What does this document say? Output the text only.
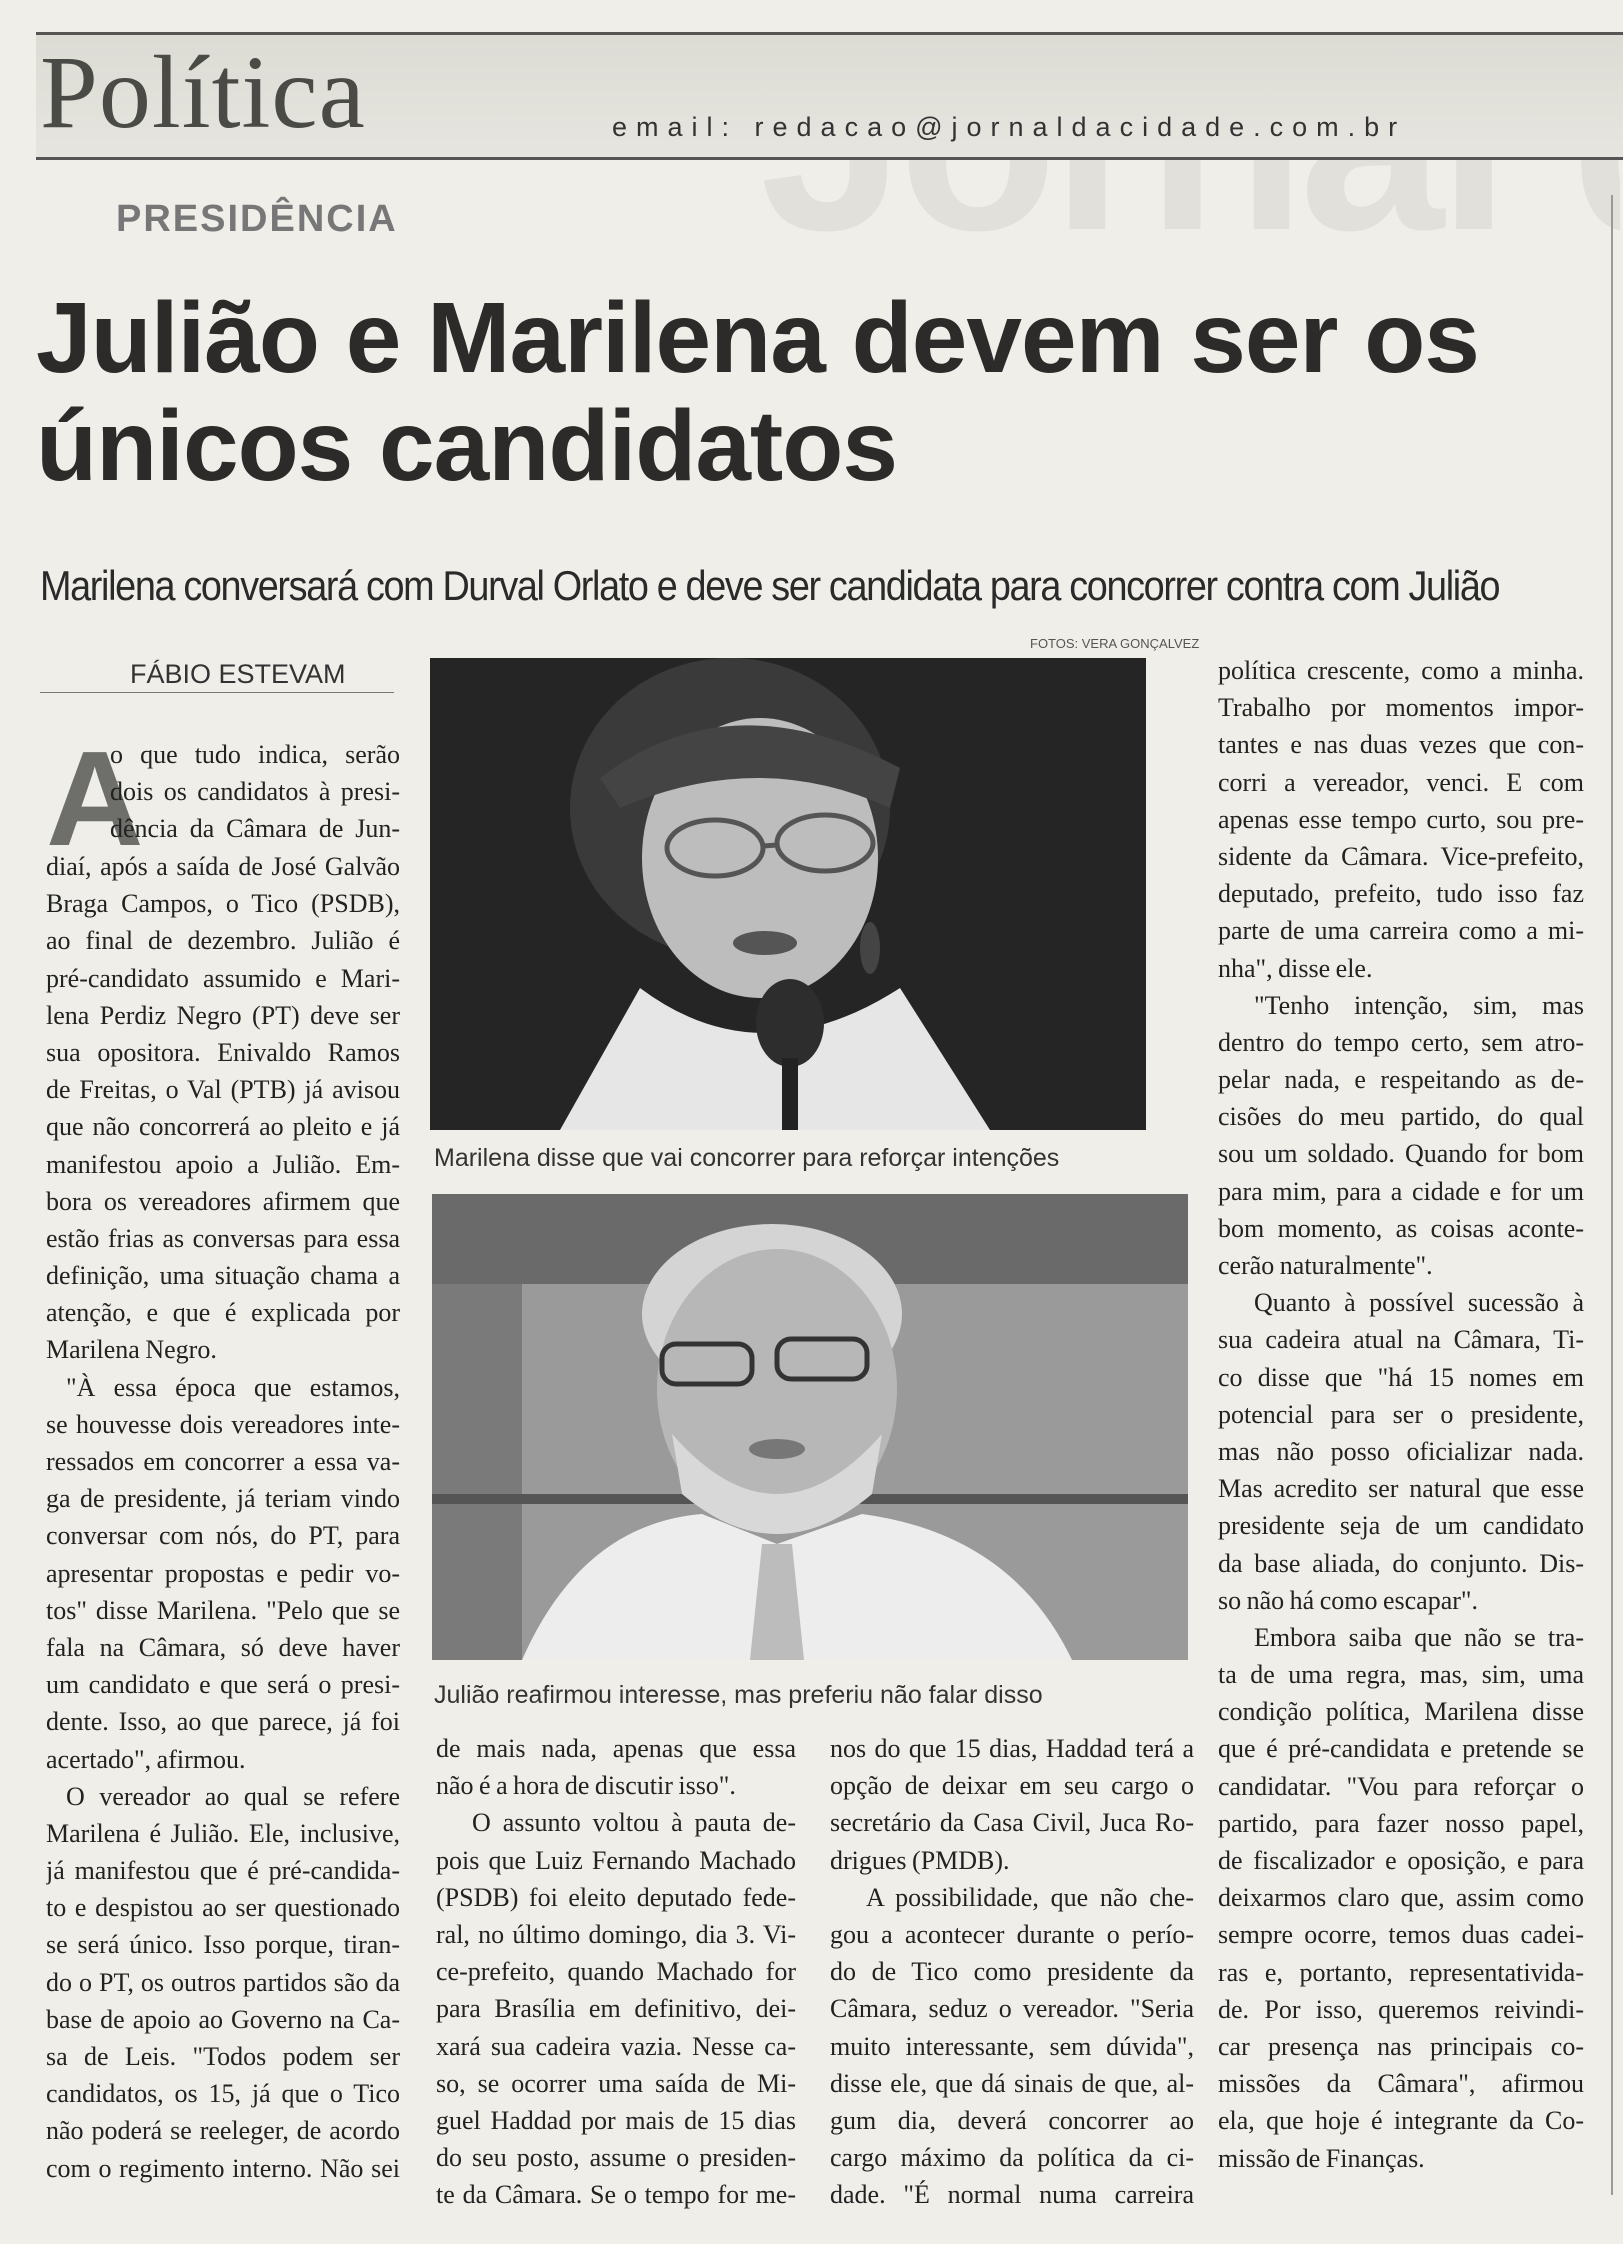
Política	email: redacao@jornaldacidade.com.br
PRESIDÊNCIA
Julião e Marilena devem ser os únicos candidatos

Marilena conversará com Durval Orlato e deve ser candidata para concorrer contra com Julião

FÁBIO ESTEVAM
FOTOS: VERA GONÇALVEZ
Marilena disse que vai concorrer para reforçar intenções
Julião reafirmou interesse, mas preferiu não falar disso
A
o que tudo indica, serão
dois os candidatos à presi-
dência da Câmara de Jun-
diaí, após a saída de José Galvão
Braga Campos, o Tico (PSDB),
ao final de dezembro. Julião é
pré-candidato assumido e Mari-
lena Perdiz Negro (PT) deve ser
sua opositora. Enivaldo Ramos
de Freitas, o Val (PTB) já avisou
que não concorrerá ao pleito e já
manifestou apoio a Julião. Em-
bora os vereadores afirmem que
estão frias as conversas para essa
definição, uma situação chama a
atenção, e que é explicada por
Marilena Negro.
"À essa época que estamos,
se houvesse dois vereadores inte-
ressados em concorrer a essa va-
ga de presidente, já teriam vindo
conversar com nós, do PT, para
apresentar propostas e pedir vo-
tos" disse Marilena. "Pelo que se
fala na Câmara, só deve haver
um candidato e que será o presi-
dente. Isso, ao que parece, já foi
acertado", afirmou.
O vereador ao qual se refere
Marilena é Julião. Ele, inclusive,
já manifestou que é pré-candida-
to e despistou ao ser questionado
se será único. Isso porque, tiran-
do o PT, os outros partidos são da
base de apoio ao Governo na Ca-
sa de Leis. "Todos podem ser
candidatos, os 15, já que o Tico
não poderá se reeleger, de acordo
com o regimento interno. Não sei
de mais nada, apenas que essa
não é a hora de discutir isso".
O assunto voltou à pauta de-
pois que Luiz Fernando Machado
(PSDB) foi eleito deputado fede-
ral, no último domingo, dia 3. Vi-
ce-prefeito, quando Machado for
para Brasília em definitivo, dei-
xará sua cadeira vazia. Nesse ca-
so, se ocorrer uma saída de Mi-
guel Haddad por mais de 15 dias
do seu posto, assume o presiden-
te da Câmara. Se o tempo for me-
nos do que 15 dias, Haddad terá a
opção de deixar em seu cargo o
secretário da Casa Civil, Juca Ro-
drigues (PMDB).
A possibilidade, que não che-
gou a acontecer durante o perío-
do de Tico como presidente da
Câmara, seduz o vereador. "Seria
muito interessante, sem dúvida",
disse ele, que dá sinais de que, al-
gum dia, deverá concorrer ao
cargo máximo da política da ci-
dade. "É normal numa carreira
política crescente, como a minha.
Trabalho por momentos impor-
tantes e nas duas vezes que con-
corri a vereador, venci. E com
apenas esse tempo curto, sou pre-
sidente da Câmara. Vice-prefeito,
deputado, prefeito, tudo isso faz
parte de uma carreira como a mi-
nha", disse ele.
"Tenho intenção, sim, mas
dentro do tempo certo, sem atro-
pelar nada, e respeitando as de-
cisões do meu partido, do qual
sou um soldado. Quando for bom
para mim, para a cidade e for um
bom momento, as coisas aconte-
cerão naturalmente".
Quanto à possível sucessão à
sua cadeira atual na Câmara, Ti-
co disse que "há 15 nomes em
potencial para ser o presidente,
mas não posso oficializar nada.
Mas acredito ser natural que esse
presidente seja de um candidato
da base aliada, do conjunto. Dis-
so não há como escapar".
Embora saiba que não se tra-
ta de uma regra, mas, sim, uma
condição política, Marilena disse
que é pré-candidata e pretende se
candidatar. "Vou para reforçar o
partido, para fazer nosso papel,
de fiscalizador e oposição, e para
deixarmos claro que, assim como
sempre ocorre, temos duas cadei-
ras e, portanto, representativida-
de. Por isso, queremos reivindi-
car presença nas principais co-
missões da Câmara", afirmou
ela, que hoje é integrante da Co-
missão de Finanças.
